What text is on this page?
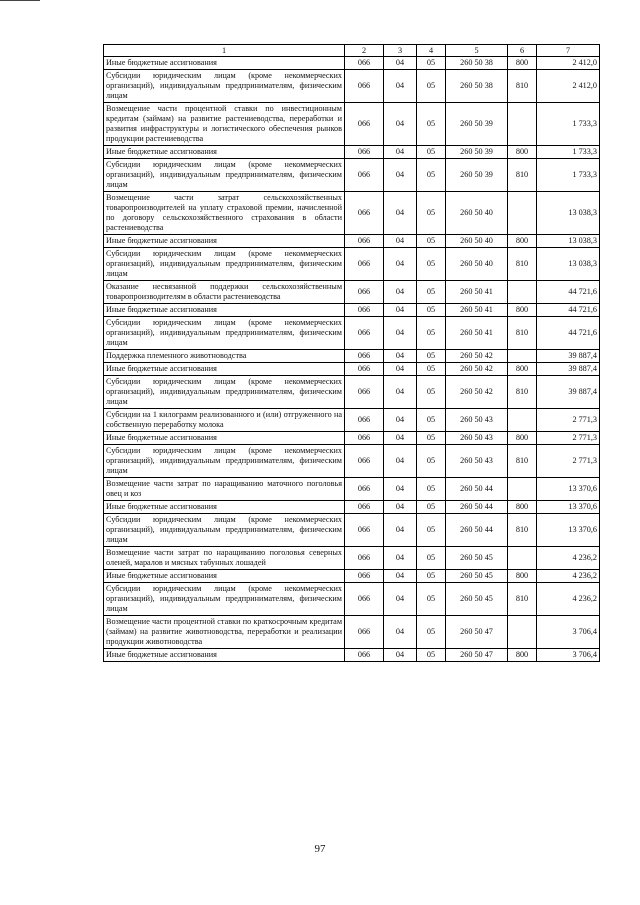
1	2	3	4	5	6	7
Иные бюджетные ассигнования	066	04	05	260 50 38	800	2 412,0
Субсидии юридическим лицам (кроме некоммерческих организаций), индивидуальным предпринимателям, физическим лицам	066	04	05	260 50 38	810	2 412,0
Возмещение части процентной ставки по инвестиционным кредитам (займам) на развитие растениеводства, переработки и развития инфраструктуры и логистического обеспечения рынков продукции растениеводства	066	04	05	260 50 39		1 733,3
Иные бюджетные ассигнования	066	04	05	260 50 39	800	1 733,3
Субсидии юридическим лицам (кроме некоммерческих организаций), индивидуальным предпринимателям, физическим лицам	066	04	05	260 50 39	810	1 733,3
Возмещение части затрат сельскохозяйственных товаропроизводителей на уплату страховой премии, начисленной по договору сельскохозяйственного страхования в области растениеводства	066	04	05	260 50 40		13 038,3
Иные бюджетные ассигнования	066	04	05	260 50 40	800	13 038,3
Субсидии юридическим лицам (кроме некоммерческих организаций), индивидуальным предпринимателям, физическим лицам	066	04	05	260 50 40	810	13 038,3
Оказание несвязанной поддержки сельскохозяйственным товаропроизводителям в области растениеводства	066	04	05	260 50 41		44 721,6
Иные бюджетные ассигнования	066	04	05	260 50 41	800	44 721,6
Субсидии юридическим лицам (кроме некоммерческих организаций), индивидуальным предпринимателям, физическим лицам	066	04	05	260 50 41	810	44 721,6
Поддержка племенного животноводства	066	04	05	260 50 42		39 887,4
Иные бюджетные ассигнования	066	04	05	260 50 42	800	39 887,4
Субсидии юридическим лицам (кроме некоммерческих организаций), индивидуальным предпринимателям, физическим лицам	066	04	05	260 50 42	810	39 887,4
Субсидии на 1 килограмм реализованного и (или) отгруженного на собственную переработку молока	066	04	05	260 50 43		2 771,3
Иные бюджетные ассигнования	066	04	05	260 50 43	800	2 771,3
Субсидии юридическим лицам (кроме некоммерческих организаций), индивидуальным предпринимателям, физическим лицам	066	04	05	260 50 43	810	2 771,3
Возмещение части затрат по наращиванию маточного поголовья овец и коз	066	04	05	260 50 44		13 370,6
Иные бюджетные ассигнования	066	04	05	260 50 44	800	13 370,6
Субсидии юридическим лицам (кроме некоммерческих организаций), индивидуальным предпринимателям, физическим лицам	066	04	05	260 50 44	810	13 370,6
Возмещение части затрат по наращиванию поголовья северных оленей, маралов и мясных табунных лошадей	066	04	05	260 50 45		4 236,2
Иные бюджетные ассигнования	066	04	05	260 50 45	800	4 236,2
Субсидии юридическим лицам (кроме некоммерческих организаций), индивидуальным предпринимателям, физическим лицам	066	04	05	260 50 45	810	4 236,2
Возмещение части процентной ставки по краткосрочным кредитам (займам) на развитие животноводства, переработки и реализации продукции животноводства	066	04	05	260 50 47		3 706,4
Иные бюджетные ассигнования	066	04	05	260 50 47	800	3 706,4
97
